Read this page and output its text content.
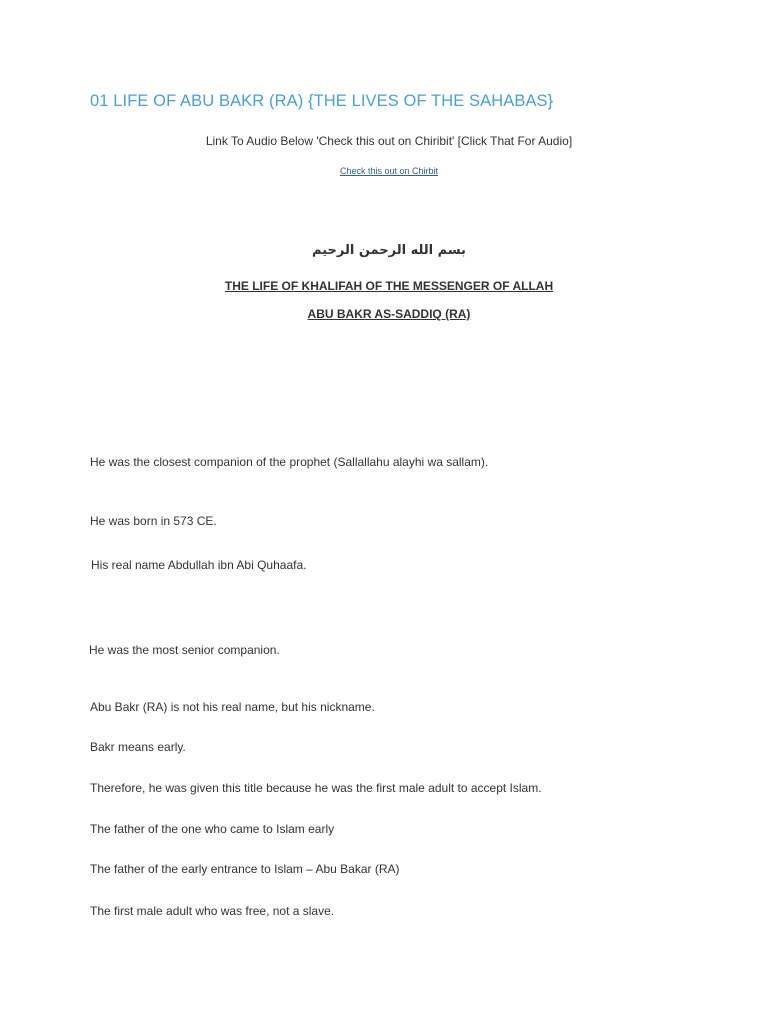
01 LIFE OF ABU BAKR (RA) {THE LIVES OF THE SAHABAS}
Link To Audio Below 'Check this out on Chiribit' [Click That For Audio]
Check this out on Chirbit
بسم الله الرحمن الرحيم
THE LIFE OF KHALIFAH OF THE MESSENGER OF ALLAH
ABU BAKR AS-SADDIQ (RA)
He was the closest companion of the prophet (Sallallahu alayhi wa sallam).
He was born in 573 CE.
His real name Abdullah ibn Abi Quhaafa.
He was the most senior companion.
Abu Bakr (RA) is not his real name, but his nickname.
Bakr means early.
Therefore, he was given this title because he was the first male adult to accept Islam.
The father of the one who came to Islam early
The father of the early entrance to Islam – Abu Bakar (RA)
The first male adult who was free, not a slave.
